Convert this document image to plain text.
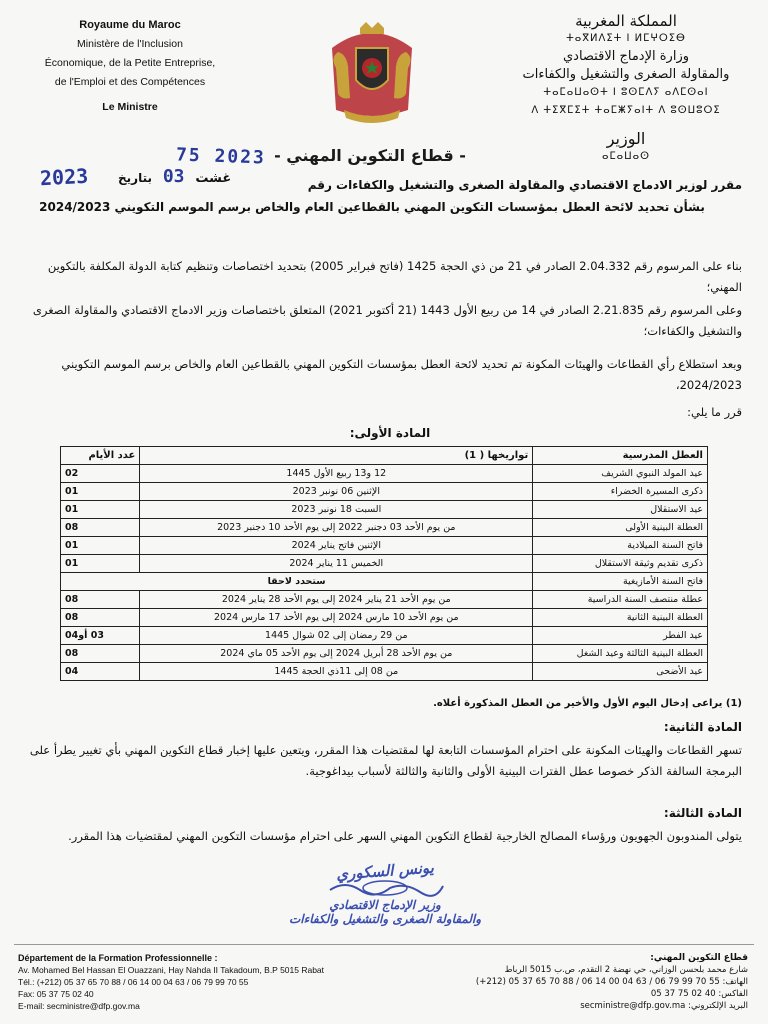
Royaume du Maroc
Ministère de l'Inclusion
Économique, de la Petite Entreprise,
de l'Emploi et des Compétences
Le Ministre
المملكة المغربية
ⵜⴰⴳⵍⴷⵉⵜ ⵏ ⵍⵎⵖⵔⵉⴱ
وزارة الإدماج الاقتصادي
والمقاولة الصغرى والتشغيل والكفاءات
ⵜⴰⵎⴰⵡⴰⵙⵜ ⵏ ⵓⵙⵎⴷⵢ ⴰⴷⵎⵙⴰⵏ
ⴷ ⵜⵉⴳⵎⵉⵜ ⵜⴰⵎⵥⵢⴰⵏⵜ ⴷ ⵓⵙⵡⵓⵔⵉ
الوزير
ⴰⵎⴰⵡⴰⵙ
- قطاع التكوين المهني -
75 2023
2023	غشت 03 بتاريخ	مقرر لوزير الادماج الاقتصادي والمقاولة الصغرى والتشغيل والكفاءات رقم
بشأن تحديد لائحة العطل بمؤسسات التكوين المهني بالقطاعين العام والخاص برسم الموسم التكويني 2024/2023
بناء على المرسوم رقم 2.04.332 الصادر في 21 من ذي الحجة 1425 (فاتح فبراير 2005) بتحديد اختصاصات وتنظيم كتابة الدولة المكلفة بالتكوين المهني؛
وعلى المرسوم رقم 2.21.835 الصادر في 14 من ربيع الأول 1443 (21 أكتوبر 2021) المتعلق باختصاصات وزير الادماج الاقتصادي والمقاولة الصغرى والتشغيل والكفاءات؛
وبعد استطلاع رأي القطاعات والهيئات المكونة تم تحديد لائحة العطل بمؤسسات التكوين المهني بالقطاعين العام والخاص برسم الموسم التكويني 2024/2023،
قرر ما يلي:
المادة الأولى:
العطل المدرسية	تواريخها ( 1)	عدد الأيام
عيد المولد النبوي الشريف	12 و13 ربيع الأول 1445	02
ذكرى المسيرة الخضراء	الإثنين 06 نونبر 2023	01
عيد الاستقلال	السبت 18 نونبر 2023	01
العطلة البينية الأولى	من يوم الأحد 03 دجنبر 2022 إلى يوم الأحد 10 دجنبر 2023	08
فاتح السنة الميلادية	الإثنين فاتح يناير 2024	01
ذكرى تقديم وثيقة الاستقلال	الخميس 11 يناير 2024	01
فاتح السنة الأمازيغية	ستحدد لاحقا	
عطلة منتصف السنة الدراسية	من يوم الأحد 21 يناير 2024 إلى يوم الأحد 28 يناير 2024	08
العطلة البينية الثانية	من يوم الأحد 10 مارس 2024 إلى يوم الأحد 17 مارس 2024	08
عيد الفطر	من 29 رمضان إلى 02 شوال 1445	03 أو04
العطلة البينية الثالثة وعيد الشغل	من يوم الأحد 28 أبريل 2024 إلى يوم الأحد 05 ماي 2024	08
عيد الأضحى	من 08 إلى 11ذي الحجة 1445	04
(1) يراعى إدخال اليوم الأول والأخير من العطل المذكورة أعلاه.
المادة الثانية:
تسهر القطاعات والهيئات المكونة على احترام المؤسسات التابعة لها لمقتضيات هذا المقرر، ويتعين عليها إخبار قطاع التكوين المهني بأي تغيير يطرأ على البرمجة السالفة الذكر خصوصا عطل الفترات البينية الأولى والثانية والثالثة لأسباب بيداغوجية.
المادة الثالثة:
يتولى المندوبون الجهويون ورؤساء المصالح الخارجية لقطاع التكوين المهني السهر على احترام مؤسسات التكوين المهني لمقتضيات هذا المقرر.
يونس السكوري
وزير الإدماج الاقتصادي
والمقاولة الصغرى والتشغيل والكفاءات
Département de la Formation Professionnelle :
Av. Mohamed Bel Hassan El Ouazzani, Hay Nahda II Takadoum, B.P 5015 Rabat
Tél.: (+212) 05 37 65 70 88 / 06 14 00 04 63 / 06 79 99 70 55
Fax: 05 37 75 02 40
E-mail: secministre@dfp.gov.ma
قطاع التكوين المهني:
شارع محمد بلحسن الوزاني، حي نهضة 2 التقدم، ص.ب 5015 الرباط
الهاتف: (+212) 05 37 65 70 88 / 06 14 00 04 63 / 06 79 99 70 55
الفاكس: 05 37 75 02 40
البريد الإلكتروني: secministre@dfp.gov.ma
